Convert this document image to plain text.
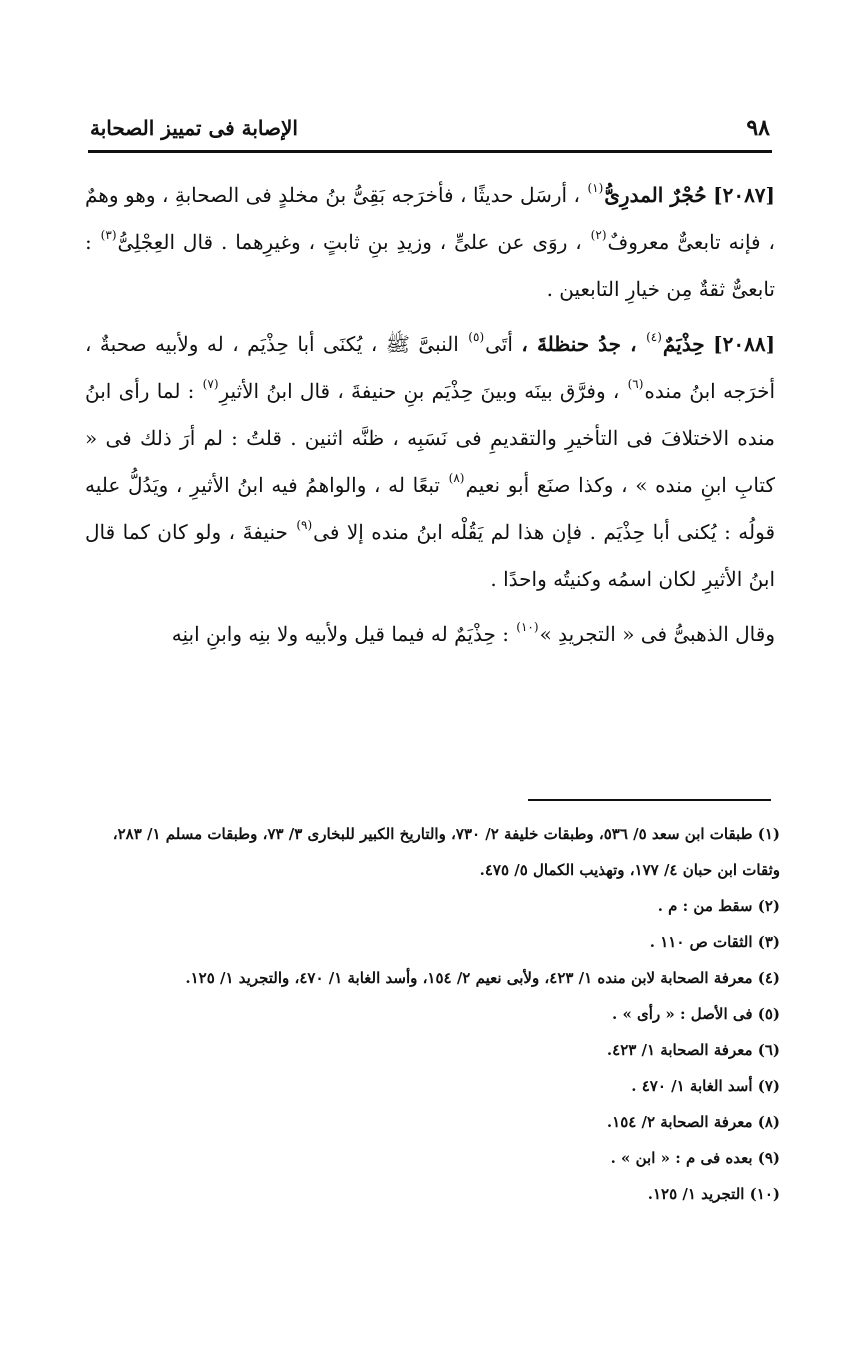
٩٨
الإصابة فى تمييز الصحابة

[٢٠٨٧] حُجْرٌ المدرِىُّ$^{(١)}$ ، أرسَل حديثًا ، فأخرَجه بَقِىُّ بنُ مخلدٍ فى الصحابةِ ، وهو وهمٌ ، فإنه تابعىٌّ معروفٌ$^{(٢)}$ ، روَى عن علىٍّ ، وزيدِ بنِ ثابتٍ ، وغيرِهما . قال العِجْلِىُّ$^{(٣)}$ : تابعىٌّ ثقةٌ مِن خيارِ التابعين .

[٢٠٨٨] حِذْيَمٌ$^{(٤)}$ ، جدُ حنظلةَ ، أتَى$^{(٥)}$ النبىَّ ﷺ ، يُكنَى أبا حِذْيَم ، له ولأبيه صحبةٌ ، أخرَجه ابنُ منده$^{(٦)}$ ، وفرَّق بينَه وبينَ حِذْيَم بنِ حنيفةَ ، قال ابنُ الأثيرِ$^{(٧)}$ : لما رأى ابنُ منده الاختلافَ فى التأخيرِ والتقديمِ فى نَسَبِه ، ظنَّه اثنين . قلتُ : لم أرَ ذلك فى « كتابِ ابنِ منده » ، وكذا صنَع أبو نعيم$^{(٨)}$ تبعًا له ، والواهمُ فيه ابنُ الأثيرِ ، ويَدُلُّ عليه قولُه : يُكنى أبا حِذْيَم . فإن هذا لم يَقُلْه ابنُ منده إلا فى$^{(٩)}$ حنيفةَ ، ولو كان كما قال ابنُ الأثيرِ لكان اسمُه وكنيتُه واحدًا .

وقال الذهبىُّ فى « التجريدِ »$^{(١٠)}$ : حِذْيَمٌ له فيما قيل ولأبيه ولا بنِه وابنِ ابنِه

(١) طبقات ابن سعد ٥/ ٥٣٦، وطبقات خليفة ٢/ ٧٣٠، والتاريخ الكبير للبخارى ٣/ ٧٣، وطبقات مسلم ١/ ٢٨٣، وثقات ابن حبان ٤/ ١٧٧، وتهذيب الكمال ٥/ ٤٧٥.

(٢) سقط من : م .

(٣) الثقات ص ١١٠ .

(٤) معرفة الصحابة لابن منده ١/ ٤٢٣، ولأبى نعيم ٢/ ١٥٤، وأسد الغابة ١/ ٤٧٠، والتجريد ١/ ١٢٥.

(٥) فى الأصل : « رأى » .

(٦) معرفة الصحابة ١/ ٤٢٣.

(٧) أسد الغابة ١/ ٤٧٠ .

(٨) معرفة الصحابة ٢/ ١٥٤.

(٩) بعده فى م : « ابن » .

(١٠) التجريد ١/ ١٢٥.
